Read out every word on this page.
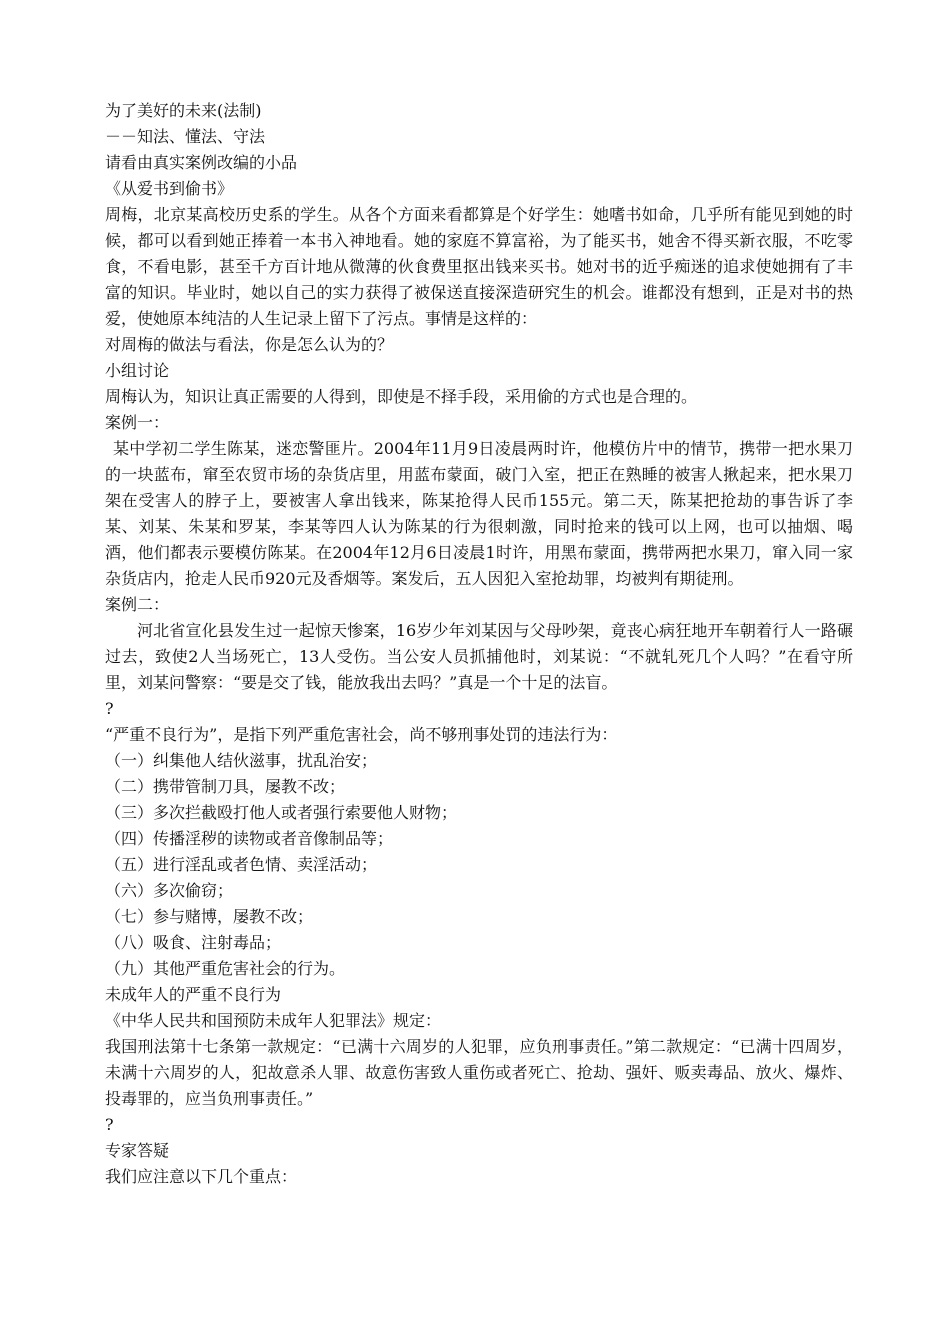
为了美好的未来(法制)

－－知法、懂法、守法

请看由真实案例改编的小品

《从爱书到偷书》

周梅，北京某高校历史系的学生。从各个方面来看都算是个好学生：她嗜书如命，几乎所有能见到她的时候，都可以看到她正捧着一本书入神地看。她的家庭不算富裕，为了能买书，她舍不得买新衣服，不吃零食，不看电影，甚至千方百计地从微薄的伙食费里抠出钱来买书。她对书的近乎痴迷的追求使她拥有了丰富的知识。毕业时，她以自己的实力获得了被保送直接深造研究生的机会。谁都没有想到，正是对书的热爱，使她原本纯洁的人生记录上留下了污点。事情是这样的：

对周梅的做法与看法，你是怎么认为的？

小组讨论

周梅认为，知识让真正需要的人得到，即使是不择手段，采用偷的方式也是合理的。

案例一：

某中学初二学生陈某，迷恋警匪片。2004年11月9日凌晨两时许，他模仿片中的情节，携带一把水果刀的一块蓝布，窜至农贸市场的杂货店里，用蓝布蒙面，破门入室，把正在熟睡的被害人揪起来，把水果刀架在受害人的脖子上，要被害人拿出钱来，陈某抢得人民币155元。第二天，陈某把抢劫的事告诉了李某、刘某、朱某和罗某，李某等四人认为陈某的行为很刺激，同时抢来的钱可以上网，也可以抽烟、喝酒，他们都表示要模仿陈某。在2004年12月6日凌晨1时许，用黑布蒙面，携带两把水果刀，窜入同一家杂货店内，抢走人民币920元及香烟等。案发后，五人因犯入室抢劫罪，均被判有期徒刑。

案例二：

河北省宣化县发生过一起惊天惨案，16岁少年刘某因与父母吵架，竟丧心病狂地开车朝着行人一路碾过去，致使2人当场死亡，13人受伤。当公安人员抓捕他时，刘某说：“不就轧死几个人吗？”在看守所里，刘某问警察：“要是交了钱，能放我出去吗？”真是一个十足的法盲。

?

“严重不良行为”，是指下列严重危害社会，尚不够刑事处罚的违法行为：

（一）纠集他人结伙滋事，扰乱治安；

（二）携带管制刀具，屡教不改；

（三）多次拦截殴打他人或者强行索要他人财物；

（四）传播淫秽的读物或者音像制品等；

（五）进行淫乱或者色情、卖淫活动；

（六）多次偷窃；

（七）参与赌博，屡教不改；

（八）吸食、注射毒品；

（九）其他严重危害社会的行为。

未成年人的严重不良行为

《中华人民共和国预防未成年人犯罪法》规定：

我国刑法第十七条第一款规定：“已满十六周岁的人犯罪，应负刑事责任。”第二款规定：“已满十四周岁，未满十六周岁的人，犯故意杀人罪、故意伤害致人重伤或者死亡、抢劫、强奸、贩卖毒品、放火、爆炸、投毒罪的，应当负刑事责任。”

?

专家答疑

我们应注意以下几个重点：
